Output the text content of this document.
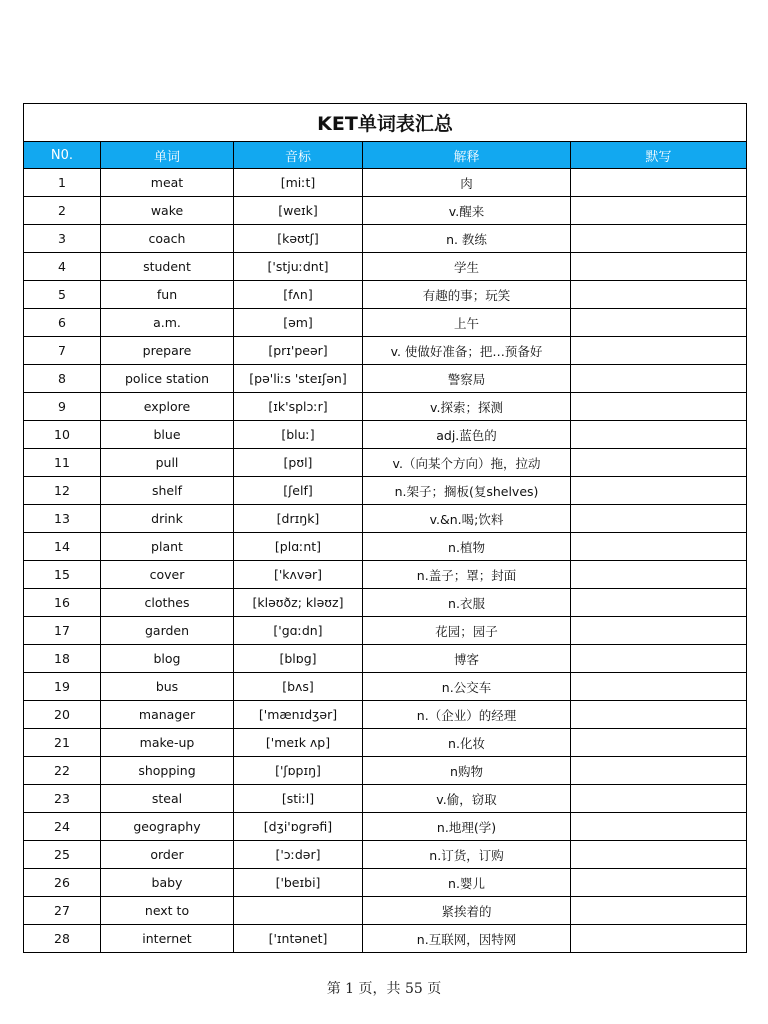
KET单词表汇总				
N0.	单词	音标	解释	默写
1	meat	[miːt]	肉	
2	wake	[weɪk]	v.醒来	
3	coach	[kəʊtʃ]	n. 教练	
4	student	['stjuːdnt]	学生	
5	fun	[fʌn]	有趣的事；玩笑	
6	a.m.	[əm]	上午	
7	prepare	[prɪ'peər]	v. 使做好准备；把…预备好	
8	police station	[pə'liːs 'steɪʃən]	警察局	
9	explore	[ɪk'splɔːr]	v.探索；探测	
10	blue	[bluː]	adj.蓝色的	
11	pull	[pʊl]	v.（向某个方向）拖，拉动	
12	shelf	[ʃelf]	n.架子；搁板(复shelves)	
13	drink	[drɪŋk]	v.&n.喝;饮料	
14	plant	[plɑːnt]	n.植物	
15	cover	['kʌvər]	n.盖子；罩；封面	
16	clothes	[kləʊðz; kləʊz]	n.衣服	
17	garden	['gɑːdn]	花园；园子	
18	blog	[blɒg]	博客	
19	bus	[bʌs]	n.公交车	
20	manager	['mænɪdʒər]	n.（企业）的经理	
21	make-up	['meɪk ʌp]	n.化妆	
22	shopping	['ʃɒpɪŋ]	n购物	
23	steal	[stiːl]	v.偷，窃取	
24	geography	[dʒi'ɒgrəfi]	n.地理(学)	
25	order	['ɔːdər]	n.订货，订购	
26	baby	['beɪbi]	n.婴儿	
27	next to		紧挨着的	
28	internet	['ɪntənet]	n.互联网，因特网	
第 1 页，共 55 页
